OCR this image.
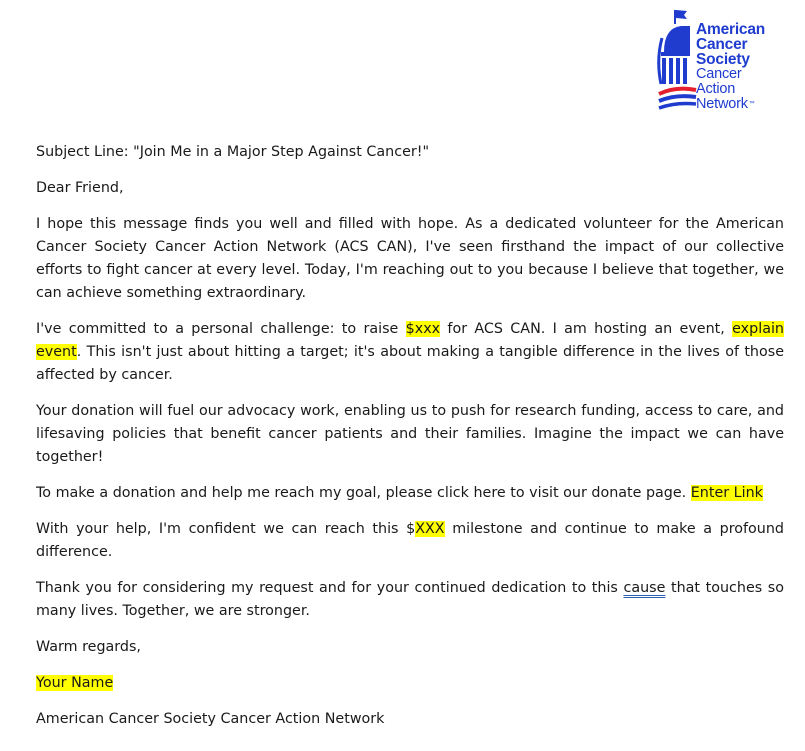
American
Cancer
Society
Cancer
Action
Network™

Subject Line: "Join Me in a Major Step Against Cancer!"

Dear Friend,

I hope this message finds you well and filled with hope. As a dedicated volunteer for the American Cancer Society Cancer Action Network (ACS CAN), I've seen firsthand the impact of our collective efforts to fight cancer at every level. Today, I'm reaching out to you because I believe that together, we can achieve something extraordinary.

I've committed to a personal challenge: to raise $xxx for ACS CAN. I am hosting an event, explain event. This isn't just about hitting a target; it's about making a tangible difference in the lives of those affected by cancer.

Your donation will fuel our advocacy work, enabling us to push for research funding, access to care, and lifesaving policies that benefit cancer patients and their families. Imagine the impact we can have together!

To make a donation and help me reach my goal, please click here to visit our donate page. Enter Link

With your help, I'm confident we can reach this $XXX milestone and continue to make a profound difference.

Thank you for considering my request and for your continued dedication to this cause that touches so many lives. Together, we are stronger.

Warm regards,

Your Name

American Cancer Society Cancer Action Network
